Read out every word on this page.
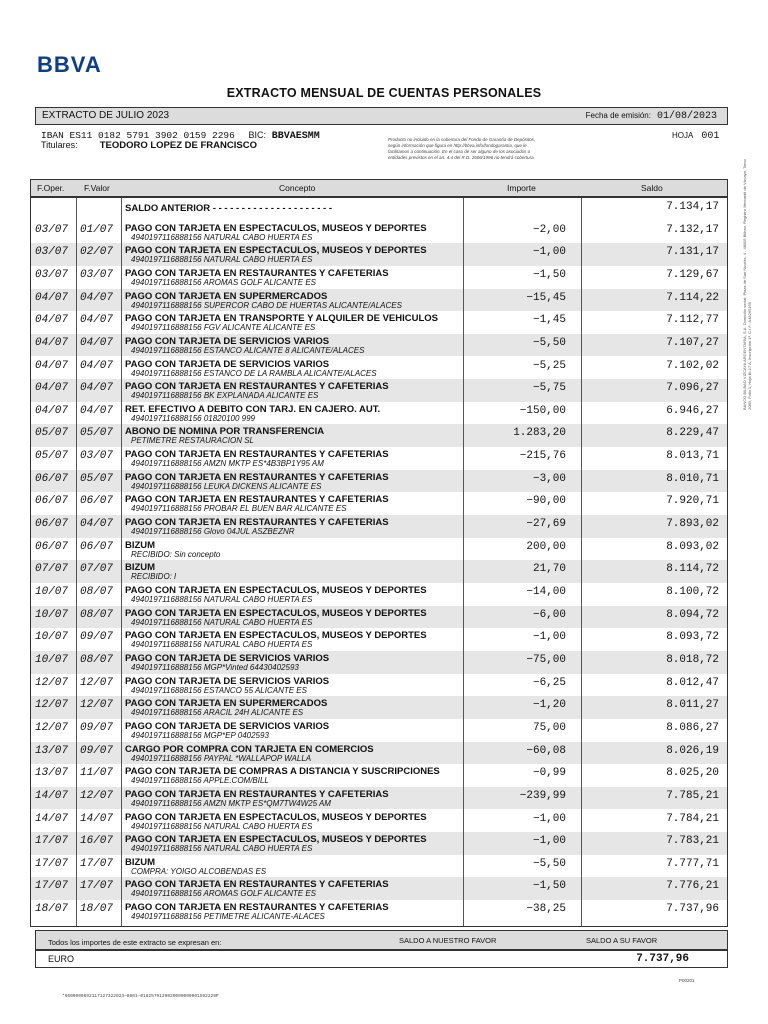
BBVA
EXTRACTO MENSUAL DE CUENTAS PERSONALES
EXTRACTO DE JULIO 2023	Fecha de emisión: 01/08/2023
IBAN ES11 0182 5791 3902 0159 2296 BIC: BBVAESMM
Titulares: TEODORO LOPEZ DE FRANCISCO
Producto no incluido en la cobertura del Fondo de Garantía de Depósitos, según información que figura en http://bbva.info/fondogarantia, que le facilitamos a continuación. En el caso de ser alguno de los asociados o entidades previstos en el art. 4.4 del R.D. 2606/1996 no tendrá cobertura.
HOJA 001
F.Oper. F.Valor	Concepto	Importe	Saldo
SALDO ANTERIOR - - - - - - - - - - - - - - - - - - - - -	7.134,17
03/07 01/07 PAGO CON TARJETA EN ESPECTACULOS, MUSEOS Y DEPORTES
4940197116888156 NATURAL CABO HUERTA ES
−2,00	7.132,17
03/07 02/07 PAGO CON TARJETA EN ESPECTACULOS, MUSEOS Y DEPORTES
4940197116888156 NATURAL CABO HUERTA ES
−1,00	7.131,17
03/07 03/07 PAGO CON TARJETA EN RESTAURANTES Y CAFETERIAS
4940197116888156 AROMAS GOLF ALICANTE ES
−1,50	7.129,67
04/07 04/07 PAGO CON TARJETA EN SUPERMERCADOS
4940197116888156 SUPERCOR CABO DE HUERTAS ALICANTE/ALACES
−15,45	7.114,22
04/07 04/07 PAGO CON TARJETA EN TRANSPORTE Y ALQUILER DE VEHICULOS
4940197116888156 FGV ALICANTE ALICANTE ES
−1,45	7.112,77
04/07 04/07 PAGO CON TARJETA DE SERVICIOS VARIOS
4940197116888156 ESTANCO ALICANTE 8 ALICANTE/ALACES
−5,50	7.107,27
04/07 04/07 PAGO CON TARJETA DE SERVICIOS VARIOS
4940197116888156 ESTANCO DE LA RAMBLA ALICANTE/ALACES
−5,25	7.102,02
04/07 04/07 PAGO CON TARJETA EN RESTAURANTES Y CAFETERIAS
4940197116888156 BK EXPLANADA ALICANTE ES
−5,75	7.096,27
04/07 04/07 RET. EFECTIVO A DEBITO CON TARJ. EN CAJERO. AUT.
4940197116888156 01820100 999
−150,00	6.946,27
05/07 05/07 ABONO DE NOMINA POR TRANSFERENCIA
PETIMETRE RESTAURACION SL
1.283,20	8.229,47
05/07 03/07 PAGO CON TARJETA EN RESTAURANTES Y CAFETERIAS
4940197116888156 AMZN MKTP ES*4B3BP1Y95 AM
−215,76	8.013,71
06/07 05/07 PAGO CON TARJETA EN RESTAURANTES Y CAFETERIAS
4940197116888156 LEUKA DICKENS ALICANTE ES
−3,00	8.010,71
06/07 06/07 PAGO CON TARJETA EN RESTAURANTES Y CAFETERIAS
4940197116888156 PROBAR EL BUEN BAR ALICANTE ES
−90,00	7.920,71
06/07 04/07 PAGO CON TARJETA EN RESTAURANTES Y CAFETERIAS
4940197116888156 Glovo 04JUL ASZBEZNR
−27,69	7.893,02
06/07 06/07 BIZUM
RECIBIDO: Sin concepto
200,00	8.093,02
07/07 07/07 BIZUM
RECIBIDO: l
21,70	8.114,72
10/07 08/07 PAGO CON TARJETA EN ESPECTACULOS, MUSEOS Y DEPORTES
4940197116888156 NATURAL CABO HUERTA ES
−14,00	8.100,72
10/07 08/07 PAGO CON TARJETA EN ESPECTACULOS, MUSEOS Y DEPORTES
4940197116888156 NATURAL CABO HUERTA ES
−6,00	8.094,72
10/07 09/07 PAGO CON TARJETA EN ESPECTACULOS, MUSEOS Y DEPORTES
4940197116888156 NATURAL CABO HUERTA ES
−1,00	8.093,72
10/07 08/07 PAGO CON TARJETA DE SERVICIOS VARIOS
4940197116888156 MGP*Vinted 64430402593
−75,00	8.018,72
12/07 12/07 PAGO CON TARJETA DE SERVICIOS VARIOS
4940197116888156 ESTANCO 55 ALICANTE ES
−6,25	8.012,47
12/07 12/07 PAGO CON TARJETA EN SUPERMERCADOS
4940197116888156 ARACIL 24H ALICANTE ES
−1,20	8.011,27
12/07 09/07 PAGO CON TARJETA DE SERVICIOS VARIOS
4940197116888156 MGP*EP 0402593
75,00	8.086,27
13/07 09/07 CARGO POR COMPRA CON TARJETA EN COMERCIOS
4940197116888156 PAYPAL *WALLAPOP WALLA
−60,08	8.026,19
13/07 11/07 PAGO CON TARJETA DE COMPRAS A DISTANCIA Y SUSCRIPCIONES
4940197116888156 APPLE.COM/BILL
−0,99	8.025,20
14/07 12/07 PAGO CON TARJETA EN RESTAURANTES Y CAFETERIAS
4940197116888156 AMZN MKTP ES*QM7TW4W25 AM
−239,99	7.785,21
14/07 14/07 PAGO CON TARJETA EN ESPECTACULOS, MUSEOS Y DEPORTES
4940197116888156 NATURAL CABO HUERTA ES
−1,00	7.784,21
17/07 16/07 PAGO CON TARJETA EN ESPECTACULOS, MUSEOS Y DEPORTES
4940197116888156 NATURAL CABO HUERTA ES
−1,00	7.783,21
17/07 17/07 BIZUM
COMPRA: YOIGO ALCOBENDAS ES
−5,50	7.777,71
17/07 17/07 PAGO CON TARJETA EN RESTAURANTES Y CAFETERIAS
4940197116888156 AROMAS GOLF ALICANTE ES
−1,50	7.776,21
18/07 18/07 PAGO CON TARJETA EN RESTAURANTES Y CAFETERIAS
4940197116888156 PETIMETRE ALICANTE-ALACES
−38,25	7.737,96
Todos los importes de este extracto se expresan en:	SALDO A NUESTRO FAVOR	SALDO A SU FAVOR
EURO	7.737,96
P00201
*6600000692117127322023—0801—0182579139020000000001592229P
BANCO BILBAO VIZCAYA ARGENTARIA, S.A. Domicilio social: Plaza de San Nicolás, 4 - 48005 Bilbao. Registro Mercantil de Vizcaya, Tomo 2083, Folio 1, Hoja BI-17 A, Inscripción 1ª. C.I.F.: A48265169
